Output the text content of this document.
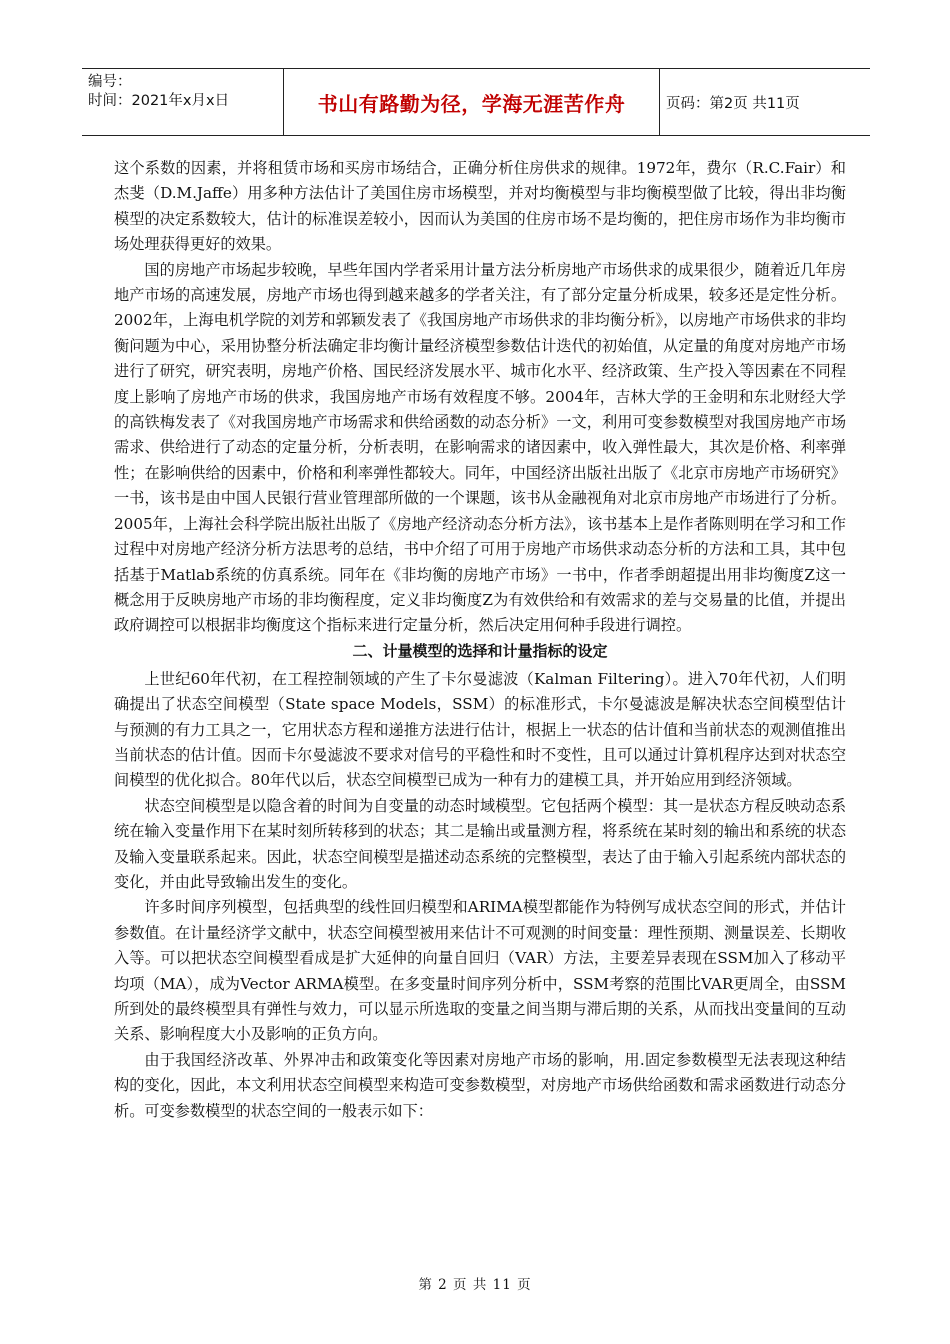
编号：
时间：2021年x月x日	书山有路勤为径，学海无涯苦作舟	页码：第2页 共11页

这个系数的因素，并将租赁市场和买房市场结合，正确分析住房供求的规律。1972年，费尔（R.C.Fair）和杰斐（D.M.Jaffe）用多种方法估计了美国住房市场模型，并对均衡模型与非均衡模型做了比较，得出非均衡模型的决定系数较大，估计的标准误差较小，因而认为美国的住房市场不是均衡的，把住房市场作为非均衡市场处理获得更好的效果。

国的房地产市场起步较晚，早些年国内学者采用计量方法分析房地产市场供求的成果很少，随着近几年房地产市场的高速发展，房地产市场也得到越来越多的学者关注，有了部分定量分析成果，较多还是定性分析。2002年，上海电机学院的刘芳和郭颖发表了《我国房地产市场供求的非均衡分析》，以房地产市场供求的非均衡问题为中心，采用协整分析法确定非均衡计量经济模型参数估计迭代的初始值，从定量的角度对房地产市场进行了研究，研究表明，房地产价格、国民经济发展水平、城市化水平、经济政策、生产投入等因素在不同程度上影响了房地产市场的供求，我国房地产市场有效程度不够。2004年，吉林大学的王金明和东北财经大学的高铁梅发表了《对我国房地产市场需求和供给函数的动态分析》一文，利用可变参数模型对我国房地产市场需求、供给进行了动态的定量分析，分析表明，在影响需求的诸因素中，收入弹性最大，其次是价格、利率弹性；在影响供给的因素中，价格和利率弹性都较大。同年，中国经济出版社出版了《北京市房地产市场研究》一书，该书是由中国人民银行营业管理部所做的一个课题，该书从金融视角对北京市房地产市场进行了分析。2005年，上海社会科学院出版社出版了《房地产经济动态分析方法》，该书基本上是作者陈则明在学习和工作过程中对房地产经济分析方法思考的总结，书中介绍了可用于房地产市场供求动态分析的方法和工具，其中包括基于Matlab系统的仿真系统。同年在《非均衡的房地产市场》一书中，作者季朗超提出用非均衡度Z这一概念用于反映房地产市场的非均衡程度，定义非均衡度Z为有效供给和有效需求的差与交易量的比值，并提出政府调控可以根据非均衡度这个指标来进行定量分析，然后决定用何种手段进行调控。

二、计量模型的选择和计量指标的设定

上世纪60年代初，在工程控制领域的产生了卡尔曼滤波（Kalman Filtering）。进入70年代初，人们明确提出了状态空间模型（State space Models，SSM）的标准形式，卡尔曼滤波是解决状态空间模型估计与预测的有力工具之一，它用状态方程和递推方法进行估计，根据上一状态的估计值和当前状态的观测值推出当前状态的估计值。因而卡尔曼滤波不要求对信号的平稳性和时不变性，且可以通过计算机程序达到对状态空间模型的优化拟合。80年代以后，状态空间模型已成为一种有力的建模工具，并开始应用到经济领域。

状态空间模型是以隐含着的时间为自变量的动态时域模型。它包括两个模型：其一是状态方程反映动态系统在输入变量作用下在某时刻所转移到的状态；其二是输出或量测方程，将系统在某时刻的输出和系统的状态及输入变量联系起来。因此，状态空间模型是描述动态系统的完整模型，表达了由于输入引起系统内部状态的变化，并由此导致输出发生的变化。

许多时间序列模型，包括典型的线性回归模型和ARIMA模型都能作为特例写成状态空间的形式，并估计参数值。在计量经济学文献中，状态空间模型被用来估计不可观测的时间变量：理性预期、测量误差、长期收入等。可以把状态空间模型看成是扩大延伸的向量自回归（VAR）方法，主要差异表现在SSM加入了移动平均项（MA），成为Vector ARMA模型。在多变量时间序列分析中，SSM考察的范围比VAR更周全，由SSM所到处的最终模型具有弹性与效力，可以显示所选取的变量之间当期与滞后期的关系，从而找出变量间的互动关系、影响程度大小及影响的正负方向。

由于我国经济改革、外界冲击和政策变化等因素对房地产市场的影响，用.固定参数模型无法表现这种结构的变化，因此，本文利用状态空间模型来构造可变参数模型，对房地产市场供给函数和需求函数进行动态分析。可变参数模型的状态空间的一般表示如下：

第 2 页 共 11 页
